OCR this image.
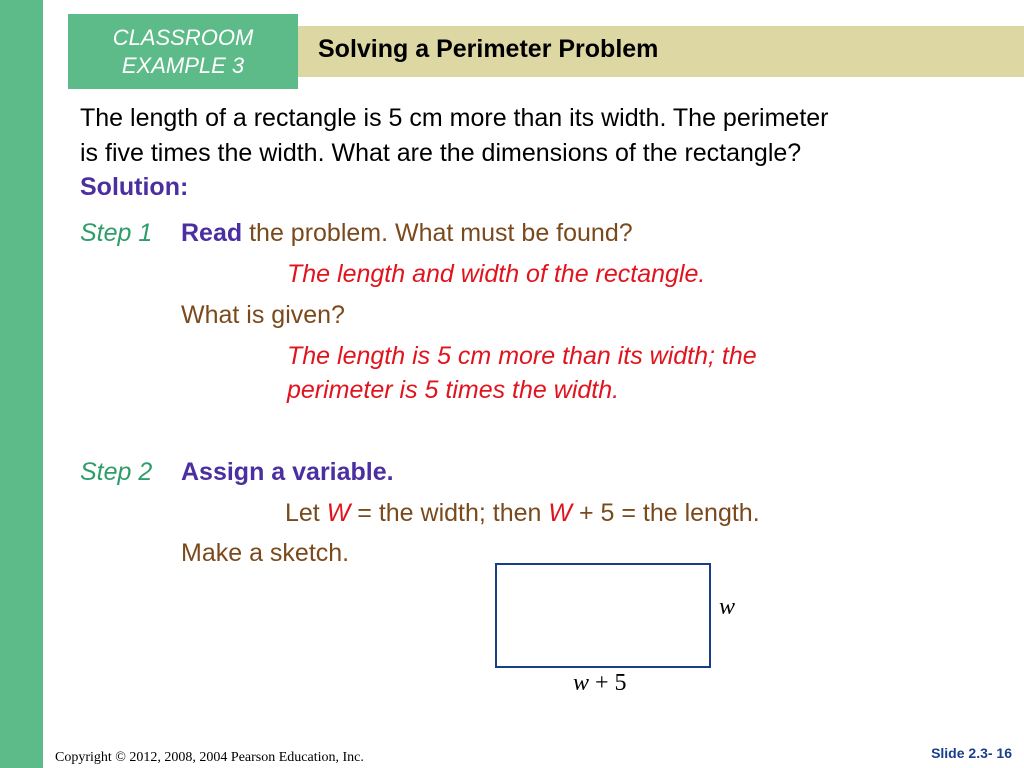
CLASSROOM
EXAMPLE 3
Solving a Perimeter Problem
The length of a rectangle is 5 cm more than its width. The perimeter
is five times the width. What are the dimensions of the rectangle?
Solution:
Step 1 Read the problem. What must be found?
The length and width of the rectangle.
What is given?
The length is 5 cm more than its width; the
perimeter is 5 times the width.
Step 2 Assign a variable.
Let W = the width; then W + 5 = the length.
Make a sketch.
w
w + 5
Copyright © 2012, 2008, 2004 Pearson Education, Inc.	Slide 2.3- 16
